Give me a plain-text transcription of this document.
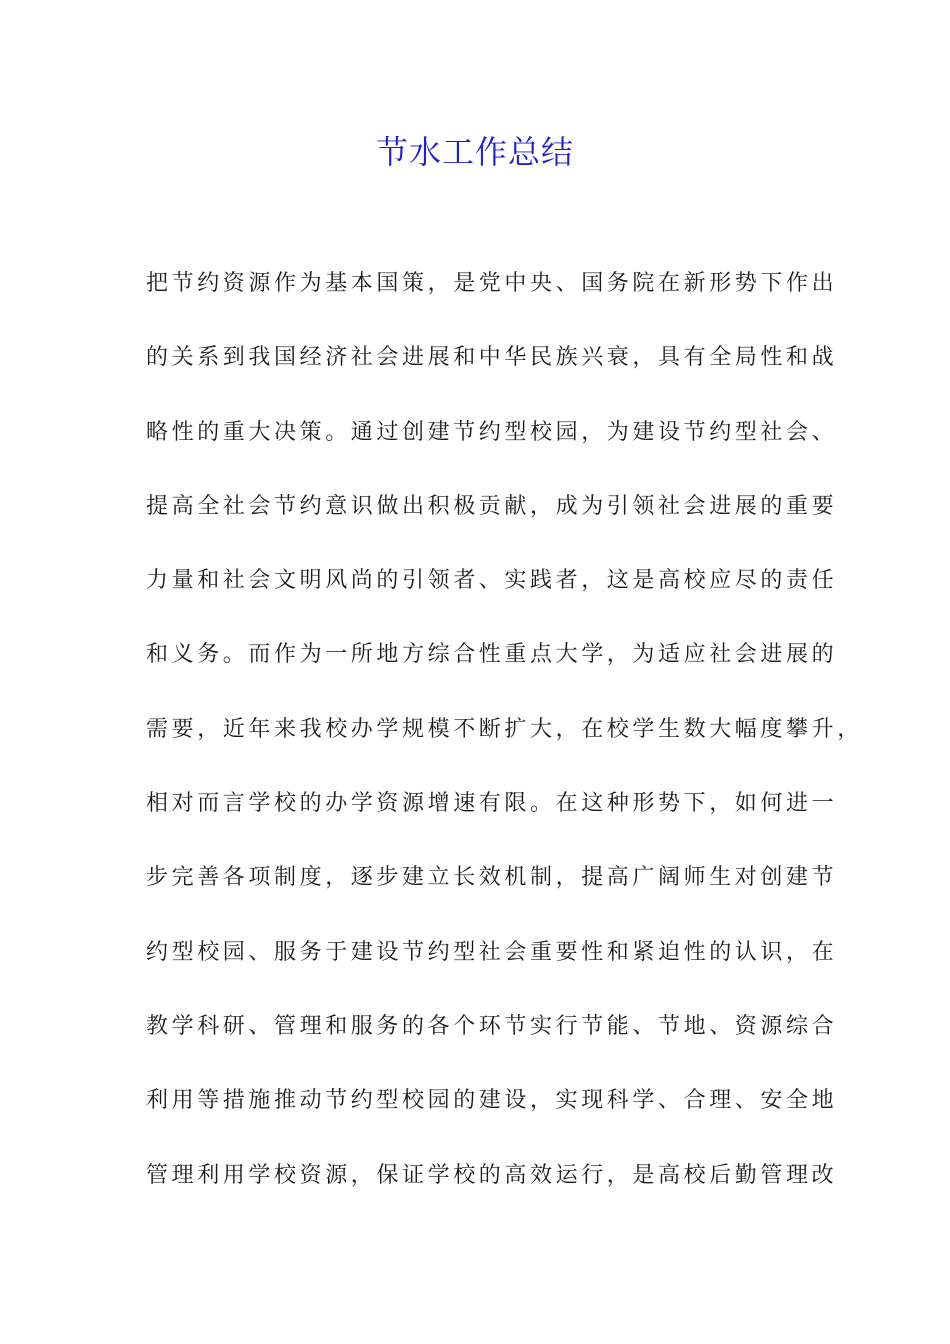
节水工作总结
把节约资源作为基本国策，是党中央、国务院在新形势下作出
的关系到我国经济社会进展和中华民族兴衰，具有全局性和战
略性的重大决策。通过创建节约型校园，为建设节约型社会、
提高全社会节约意识做出积极贡献，成为引领社会进展的重要
力量和社会文明风尚的引领者、实践者，这是高校应尽的责任
和义务。而作为一所地方综合性重点大学，为适应社会进展的
需要，近年来我校办学规模不断扩大，在校学生数大幅度攀升，
相对而言学校的办学资源增速有限。在这种形势下，如何进一
步完善各项制度，逐步建立长效机制，提高广阔师生对创建节
约型校园、服务于建设节约型社会重要性和紧迫性的认识，在
教学科研、管理和服务的各个环节实行节能、节地、资源综合
利用等措施推动节约型校园的建设，实现科学、合理、安全地
管理利用学校资源，保证学校的高效运行，是高校后勤管理改
